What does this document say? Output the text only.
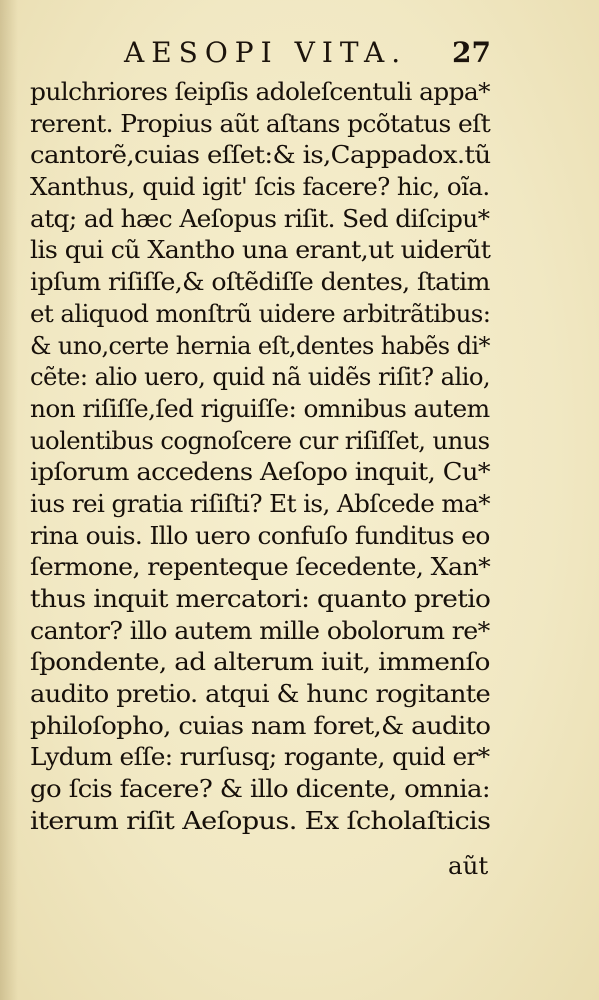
AESOPI VITA. 27
pulchriores ſeipſis adoleſcentuli appa*
rerent. Propius aũt aſtans pcõtatus eſt
cantorẽ,cuias eſſet:& is,Cappadox.tũ
Xanthus, quid igit' ſcis facere? hic, oĩa.
atq; ad hæc Aeſopus riſit. Sed diſcipu*
lis qui cũ Xantho una erant,ut uiderũt
ipſum riſiſſe,& oſtẽdiſſe dentes, ſtatim
et aliquod monſtrũ uidere arbitrãtibus:
& uno,certe hernia eſt,dentes habẽs di*
cẽte: alio uero, quid nã uidẽs riſit? alio,
non riſiſſe,ſed riguiſſe: omnibus autem
uolentibus cognoſcere cur riſiſſet, unus
ipſorum accedens Aeſopo inquit, Cu*
ius rei gratia riſiſti? Et is, Abſcede ma*
rina ouis. Illo uero confuſo funditus eo
ſermone, repenteque ſecedente, Xan*
thus inquit mercatori: quanto pretio
cantor? illo autem mille obolorum re*
ſpondente, ad alterum iuit, immenſo
audito pretio. atqui & hunc rogitante
philoſopho, cuias nam foret,& audito
Lydum eſſe: rurſusq; rogante, quid er*
go ſcis facere? & illo dicente, omnia:
iterum riſit Aeſopus. Ex ſcholaſticis
aũt
